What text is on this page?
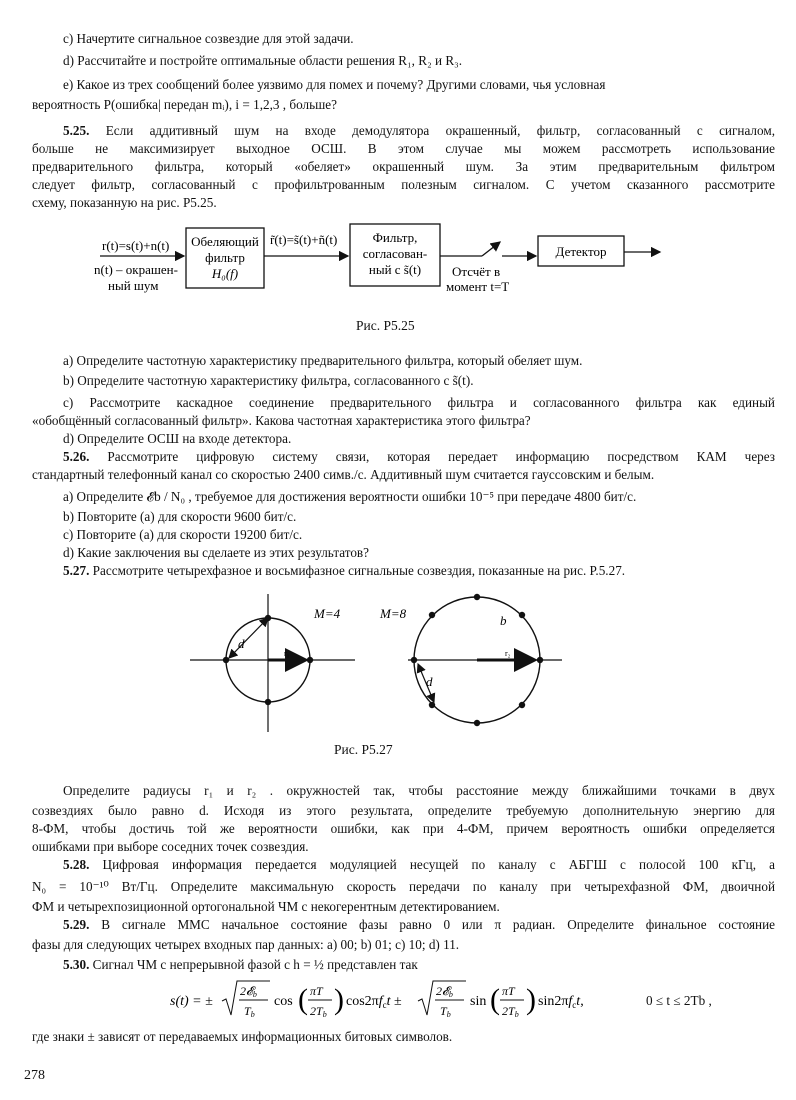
c) Начертите сигнальное созвездие для этой задачи.
d) Рассчитайте и постройте оптимальные области решения R₁, R₂ и R₃.
e) Какое из трех сообщений более уязвимо для помех и почему? Другими словами, чья условная
вероятность P(ошибка| передан mᵢ), i = 1,2,3 , больше?
5.25. Если аддитивный шум на входе демодулятора окрашенный, фильтр, согласованный с сигналом,
больше не максимизирует выходное ОСШ. В этом случае мы можем рассмотреть использование
предварительного фильтра, который «обеляет» окрашенный шум. За этим предварительным фильтром
следует фильтр, согласованный с профильтрованным полезным сигналом. С учетом сказанного рассмотрите
схему, показанную на рис. P5.25.
r(t)=s(t)+n(t)
n(t) – окрашен-
ный шум
Обеляющий
фильтр
H₀(f)
r̃(t)=s̃(t)+ñ(t)	Фильтр,
согласован-
ный с s̃(t) Отсчёт в
момент t=T
Детектор
Рис. P5.25
a) Определите частотную характеристику предварительного фильтра, который обеляет шум.
b) Определите частотную характеристику фильтра, согласованного с s̃(t).
c) Рассмотрите каскадное соединение предварительного фильтра и согласованного фильтра как единый
«обобщённый согласованный фильтр». Какова частотная характеристика этого фильтра?
d) Определите ОСШ на входе детектора.
5.26. Рассмотрите цифровую систему связи, которая передает информацию посредством КАМ через
стандартный телефонный канал со скоростью 2400 симв./с. Аддитивный шум считается гауссовским и белым.
a) Определите 𝓔b / N₀ , требуемое для достижения вероятности ошибки 10⁻⁵ при передаче 4800 бит/с.
b) Повторите (a) для скорости 9600 бит/с.
c) Повторите (a) для скорости 19200 бит/с.
d) Какие заключения вы сделаете из этих результатов?
5.27. Рассмотрите четырехфазное и восьмифазное сигнальные созвездия, показанные на рис. P.5.27.
d
r₁
M=4
d
b
r₂
M=8
Рис. P5.27
Определите радиусы r₁ и r₂ . окружностей так, чтобы расстояние между ближайшими точками в двух
созвездиях было равно d. Исходя из этого результата, определите требуемую дополнительную энергию для
8-ФМ, чтобы достичь той же вероятности ошибки, как при 4-ФМ, причем вероятность ошибки определяется
ошибками при выборе соседних точек созвездия.
5.28. Цифровая информация передается модуляцией несущей по каналу с АБГШ с полосой 100 кГц, а
N₀ = 10⁻¹⁰ Вт/Гц. Определите максимальную скорость передачи по каналу при четырехфазной ФМ, двоичной
ФМ и четырехпозиционной ортогональной ЧМ с некогерентным детектированием.
5.29. В сигнале ММС начальное состояние фазы равно 0 или π радиан. Определите финальное состояние
фазы для следующих четырех входных пар данных: a) 00; b) 01; c) 10; d) 11.
5.30. Сигнал ЧМ с непрерывной фазой с h = ½ представлен так
s(t) = ±
2𝓔b
Tb
cos ( πT
2Tb ) $\cos 2\pi f_ct$ ±
2𝓔b
Tb
sin ( πT
2Tb ) $\sin 2\pi f_ct$,	0 ≤ t ≤ 2Tb ,
где знаки ± зависят от передаваемых информационных битовых символов.
278
